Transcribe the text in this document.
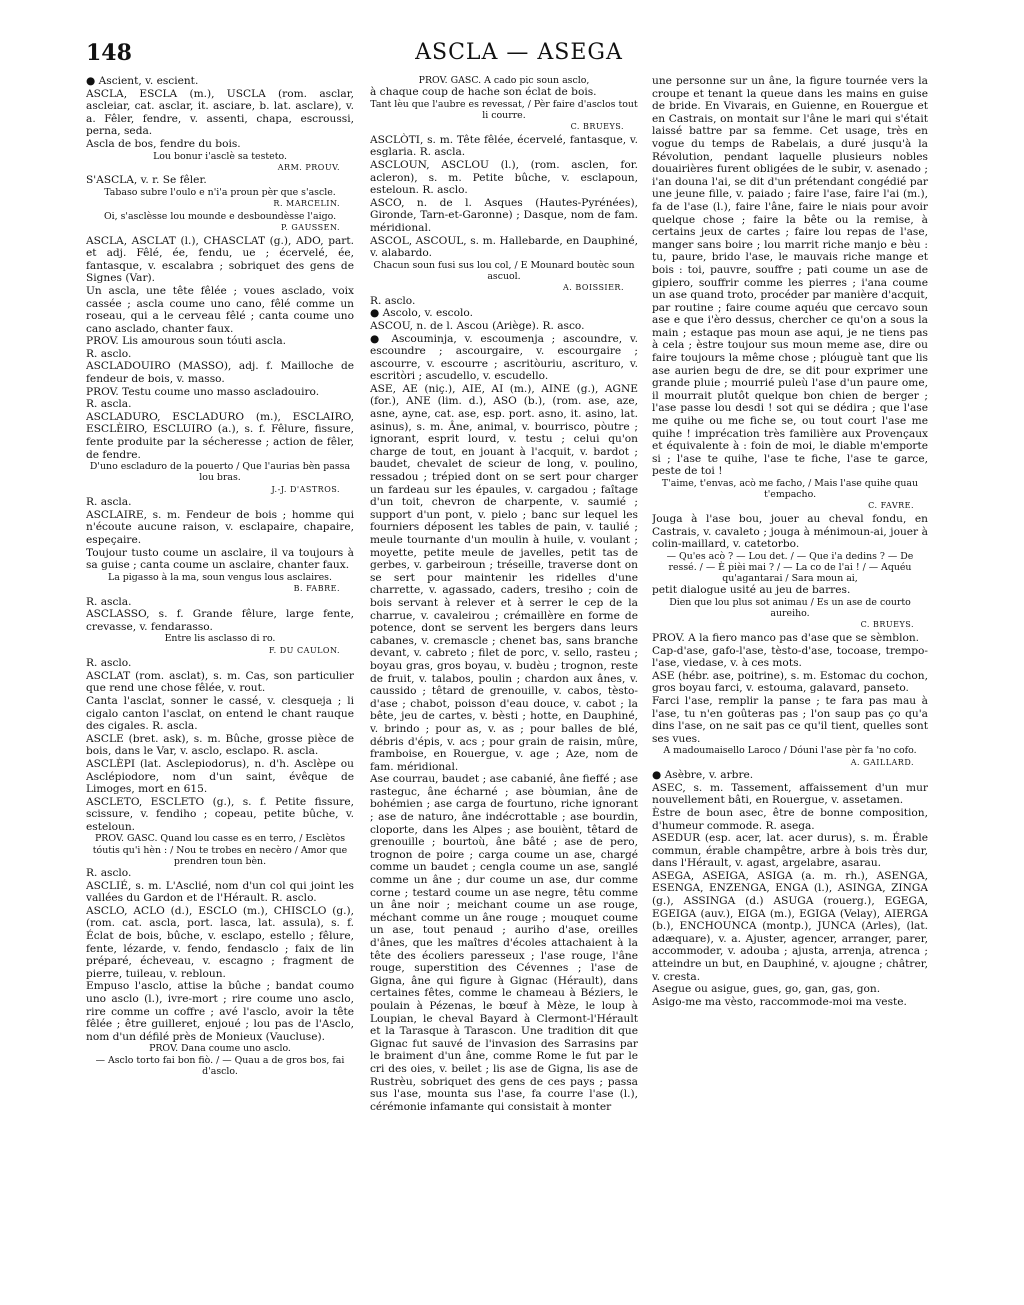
148	ASCLA — ASEGA

● Ascient, v. escient.

ASCLA, ESCLA (m.), USCLA (rom. asclar, ascleiar, cat. asclar, it. asciare, b. lat. asclare), v. a. Fêler, fendre, v. assenti, chapa, escroussi, perna, seda.

Ascla de bos, fendre du bois.

Lou bonur i'asclè sa testeto.

ARM. PROUV.

S'ASCLA, v. r. Se fêler.

Tabaso subre l'oulo e n'i'a proun pèr que s'ascle.

R. MARCELIN.

Oi, s'asclèsse lou mounde e desboundèsse l'aigo.

P. GAUSSEN.

ASCLA, ASCLAT (l.), CHASCLAT (g.), ADO, part. et adj. Fêlé, ée, fendu, ue ; écervelé, ée, fantasque, v. escalabra ; sobriquet des gens de Signes (Var).

Un ascla, une tête fêlée ; voues asclado, voix cassée ; ascla coume uno cano, fêlé comme un roseau, qui a le cerveau fêlé ; canta coume uno cano asclado, chanter faux.

PROV. Lis amourous soun tóuti ascla.

R. asclo.

ASCLADOUIRO (MASSO), adj. f. Mailloche de fendeur de bois, v. masso.

PROV. Testu coume uno masso ascladouiro.

R. ascla.

ASCLADURO, ESCLADURO (m.), ESCLAIRO, ESCLÈIRO, ESCLUIRO (a.), s. f. Fêlure, fissure, fente produite par la sécheresse ; action de fêler, de fendre.

D'uno escladuro de la pouerto / Que l'aurias bèn passa lou bras.

J.-J. D'ASTROS.

R. ascla.

ASCLAIRE, s. m. Fendeur de bois ; homme qui n'écoute aucune raison, v. esclapaire, chapaire, espeçaire.

Toujour tusto coume un asclaire, il va toujours à sa guise ; canta coume un asclaire, chanter faux.

La pigasso à la ma, soun vengus lous asclaires.

B. FABRE.

R. ascla.

ASCLASSO, s. f. Grande fêlure, large fente, crevasse, v. fendarasso.

Entre lis asclasso di ro.

F. DU CAULON.

R. asclo.

ASCLAT (rom. asclat), s. m. Cas, son particulier que rend une chose fêlée, v. rout.

Canta l'asclat, sonner le cassé, v. clesqueja ; li cigalo canton l'asclat, on entend le chant rauque des cigales. R. ascla.

ASCLE (bret. ask), s. m. Bûche, grosse pièce de bois, dans le Var, v. asclo, esclapo. R. ascla.

ASCLÈPI (lat. Asclepiodorus), n. d'h. Asclèpe ou Asclépiodore, nom d'un saint, évêque de Limoges, mort en 615.

ASCLETO, ESCLETO (g.), s. f. Petite fissure, scissure, v. fendiho ; copeau, petite bûche, v. esteloun.

PROV. GASC. Quand lou casse es en terro, / Esclètos tóutis qu'i hèn : / Nou te trobes en necèro / Amor que prendren toun bèn.

R. asclo.

ASCLIÉ, s. m. L'Asclié, nom d'un col qui joint les vallées du Gardon et de l'Hérault. R. asclo.

ASCLO, ACLO (d.), ESCLO (m.), CHISCLO (g.), (rom. cat. ascla, port. lasca, lat. assula), s. f. Éclat de bois, bûche, v. esclapo, estello ; fêlure, fente, lézarde, v. fendo, fendasclo ; faix de lin préparé, écheveau, v. escagno ; fragment de pierre, tuileau, v. rebloun.

Empuso l'asclo, attise la bûche ; bandat coumo uno asclo (l.), ivre-mort ; rire coume uno asclo, rire comme un coffre ; avé l'asclo, avoir la tête fêlée ; être guilleret, enjoué ; lou pas de l'Asclo, nom d'un défilé près de Monieux (Vaucluse).

PROV. Dana coume uno asclo.

— Asclo torto fai bon fiò. / — Quau a de gros bos, fai d'asclo.

PROV. GASC. A cado pic soun asclo,

à chaque coup de hache son éclat de bois.

Tant lèu que l'aubre es revessat, / Pèr faire d'asclos tout li courre.

C. BRUEYS.

ASCLÒTI, s. m. Tête fêlée, écervelé, fantasque, v. esglaria. R. ascla.

ASCLOUN, ASCLOU (l.), (rom. asclen, for. acleron), s. m. Petite bûche, v. esclapoun, esteloun. R. asclo.

ASCO, n. de l. Asques (Hautes-Pyrénées), Gironde, Tarn-et-Garonne) ; Dasque, nom de fam. méridional.

ASCOL, ASCOUL, s. m. Hallebarde, en Dauphiné, v. alabardo.

Chacun soun fusi sus lou col, / E Mounard boutèc soun ascuol.

A. BOISSIER.

R. asclo.

● Ascolo, v. escolo.

ASCOU, n. de l. Ascou (Ariège). R. asco.

● Ascouminja, v. escoumenja ; ascoundre, v. escoundre ; ascourgaire, v. escourgaire ; ascourre, v. escourre ; ascritòuriu, ascrituro, v. escritòri ; ascudello, v. escudello.

ASE, AE (niç.), AIE, AI (m.), AINE (g.), AGNE (for.), ANE (lim. d.), ASO (b.), (rom. ase, aze, asne, ayne, cat. ase, esp. port. asno, it. asino, lat. asinus), s. m. Âne, animal, v. bourrisco, pòutre ; ignorant, esprit lourd, v. testu ; celui qu'on charge de tout, en jouant à l'acquit, v. bardot ; baudet, chevalet de scieur de long, v. poulino, ressadou ; trépied dont on se sert pour charger un fardeau sur les épaules, v. cargadou ; faîtage d'un toit, chevron de charpente, v. saumié ; support d'un pont, v. pielo ; banc sur lequel les fourniers déposent les tables de pain, v. taulié ; meule tournante d'un moulin à huile, v. voulant ; moyette, petite meule de javelles, petit tas de gerbes, v. garbeiroun ; tréseille, traverse dont on se sert pour maintenir les ridelles d'une charrette, v. agassado, caders, tresiho ; coin de bois servant à relever et à serrer le cep de la charrue, v. cavaleirou ; crémaillère en forme de potence, dont se servent les bergers dans leurs cabanes, v. cremascle ; chenet bas, sans branche devant, v. cabreto ; filet de porc, v. sello, rasteu ; boyau gras, gros boyau, v. budèu ; trognon, reste de fruit, v. talabos, poulin ; chardon aux ânes, v. caussido ; têtard de grenouille, v. cabos, tèsto-d'ase ; chabot, poisson d'eau douce, v. cabot ; la bête, jeu de cartes, v. bèsti ; hotte, en Dauphiné, v. brindo ; pour as, v. as ; pour balles de blé, débris d'épis, v. acs ; pour grain de raisin, mûre, framboise, en Rouergue, v. age ; Aze, nom de fam. méridional.

Ase courrau, baudet ; ase cabanié, âne fieffé ; ase rasteguc, âne écharné ; ase bòumian, âne de bohémien ; ase carga de fourtuno, riche ignorant ; ase de naturo, âne indécrottable ; ase bourdin, cloporte, dans les Alpes ; ase bouiènt, têtard de grenouille ; bourtoù, âne bâté ; ase de pero, trognon de poire ; carga coume un ase, chargé comme un baudet ; cengla coume un ase, sanglé comme un âne ; dur coume un ase, dur comme corne ; testard coume un ase negre, têtu comme un âne noir ; meichant coume un ase rouge, méchant comme un âne rouge ; mouquet coume un ase, tout penaud ; auriho d'ase, oreilles d'ânes, que les maîtres d'écoles attachaient à la tête des écoliers paresseux ; l'ase rouge, l'âne rouge, superstition des Cévennes ; l'ase de Gigna, âne qui figure à Gignac (Hérault), dans certaines fêtes, comme le chameau à Béziers, le poulain à Pézenas, le bœuf à Mèze, le loup à Loupian, le cheval Bayard à Clermont-l'Hérault et la Tarasque à Tarascon. Une tradition dit que Gignac fut sauvé de l'invasion des Sarrasins par le braiment d'un âne, comme Rome le fut par le cri des oies, v. beilet ; lis ase de Gigna, lis ase de Rustrèu, sobriquet des gens de ces pays ; passa sus l'ase, mounta sus l'ase, fa courre l'ase (l.), cérémonie infamante qui consistait à monter

une personne sur un âne, la figure tournée vers la croupe et tenant la queue dans les mains en guise de bride. En Vivarais, en Guienne, en Rouergue et en Castrais, on montait sur l'âne le mari qui s'était laissé battre par sa femme. Cet usage, très en vogue du temps de Rabelais, a duré jusqu'à la Révolution, pendant laquelle plusieurs nobles douairières furent obligées de le subir, v. asenado ; i'an douna l'ai, se dit d'un prétendant congédié par une jeune fille, v. paiado ; faire l'ase, faire l'ai (m.), fa de l'ase (l.), faire l'âne, faire le niais pour avoir quelque chose ; faire la bête ou la remise, à certains jeux de cartes ; faire lou repas de l'ase, manger sans boire ; lou marrit riche manjo e bèu : tu, paure, brido l'ase, le mauvais riche mange et bois : toi, pauvre, souffre ; pati coume un ase de gipiero, souffrir comme les pierres ; i'ana coume un ase quand troto, procéder par manière d'acquit, par routine ; faire coume aquéu que cercavo soun ase e que i'èro dessus, chercher ce qu'on a sous la main ; estaque pas moun ase aqui, je ne tiens pas à cela ; èstre toujour sus moun meme ase, dire ou faire toujours la même chose ; plóuguè tant que lis ase aurien begu de dre, se dit pour exprimer une grande pluie ; mourrié puleù l'ase d'un paure ome, il mourrait plutôt quelque bon chien de berger ; l'ase passe lou desdi ! sot qui se dédira ; que l'ase me quihe ou me fiche se, ou tout court l'ase me quihe ! imprécation très familière aux Provençaux et équivalente à : foin de moi, le diable m'emporte si ; l'ase te quihe, l'ase te fiche, l'ase te garce, peste de toi !

T'aime, t'envas, acò me facho, / Mais l'ase quihe quau t'empacho.

C. FAVRE.

Jouga à l'ase bou, jouer au cheval fondu, en Castrais, v. cavaleto ; jouga à ménimoun-ai, jouer à colin-maillard, v. catetorbo.

— Qu'es acò ? — Lou det. / — Que i'a dedins ? — De ressé. / — È pièi mai ? / — La co de l'ai ! / — Aquéu qu'agantarai / Sara moun ai,

petit dialogue usité au jeu de barres.

Dien que lou plus sot animau / Es un ase de courto aureiho.

C. BRUEYS.

PROV. A la fiero manco pas d'ase que se sèmblon.

Cap-d'ase, gafo-l'ase, tèsto-d'ase, tocoase, trempo-l'ase, viedase, v. à ces mots.

ASE (hébr. ase, poitrine), s. m. Estomac du cochon, gros boyau farci, v. estouma, galavard, panseto.

Farci l'ase, remplir la panse ; te fara pas mau à l'ase, tu n'en goûteras pas ; l'on saup pas ço qu'a dins l'ase, on ne sait pas ce qu'il tient, quelles sont ses vues.

A madoumaisello Laroco / Dóuni l'ase pèr fa 'no cofo.

A. GAILLARD.

● Asèbre, v. arbre.

ASEC, s. m. Tassement, affaissement d'un mur nouvellement bâti, en Rouergue, v. assetamen.

Èstre de boun asec, être de bonne composition, d'humeur commode. R. asega.

ASEDUR (esp. acer, lat. acer durus), s. m. Érable commun, érable champêtre, arbre à bois très dur, dans l'Hérault, v. agast, argelabre, asarau.

ASEGA, ASEIGA, ASIGA (a. m. rh.), ASENGA, ESENGA, ENZENGA, ENGA (l.), ASINGA, ZINGA (g.), ASSINGA (d.) ASUGA (rouerg.), EGEGA, EGEIGA (auv.), EIGA (m.), EGIGA (Velay), AIERGA (b.), ENCHOUNCA (montp.), JUNCA (Arles), (lat. adæquare), v. a. Ajuster, agencer, arranger, parer, accommoder, v. adouba ; ajusta, arrenja, atrenca ; atteindre un but, en Dauphiné, v. ajougne ; châtrer, v. cresta.

Asegue ou asigue, gues, go, gan, gas, gon.

Asigo-me ma vèsto, raccommode-moi ma veste.
